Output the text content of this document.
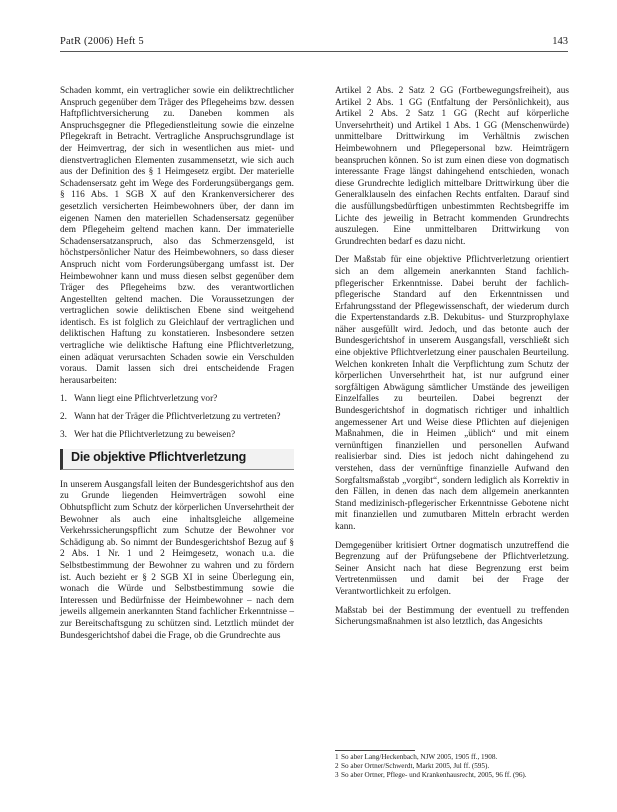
PatR (2006) Heft 5	143

Schaden kommt, ein vertraglicher sowie ein deliktrechtlicher Anspruch gegenüber dem Träger des Pflegeheims bzw. dessen Haftpflichtversicherung zu. Daneben kommen als Anspruchsgegner die Pflegedienstleitung sowie die einzelne Pflegekraft in Betracht. Vertragliche Anspruchsgrundlage ist der Heimvertrag, der sich in wesentlichen aus miet- und dienstvertraglichen Elementen zusammensetzt, wie sich auch aus der Definition des § 1 Heimgesetz ergibt. Der materielle Schadensersatz geht im Wege des Forderungsübergangs gem. § 116 Abs. 1 SGB X auf den Krankenversicherer des gesetzlich versicherten Heimbewohners über, der dann im eigenen Namen den materiellen Schadensersatz gegenüber dem Pflegeheim geltend machen kann. Der immaterielle Schadensersatzanspruch, also das Schmerzensgeld, ist höchstpersönlicher Natur des Heimbewohners, so dass dieser Anspruch nicht vom Forderungsübergang umfasst ist. Der Heimbewohner kann und muss diesen selbst gegenüber dem Träger des Pflegeheims bzw. des verantwortlichen Angestellten geltend machen. Die Voraussetzungen der vertraglichen sowie deliktischen Ebene sind weitgehend identisch. Es ist folglich zu Gleichlauf der vertraglichen und deliktischen Haftung zu konstatieren. Insbesondere setzen vertragliche wie deliktische Haftung eine Pflichtverletzung, einen adäquat verursachten Schaden sowie ein Verschulden voraus. Damit lassen sich drei entscheidende Fragen herausarbeiten:

1. Wann liegt eine Pflichtverletzung vor?
2. Wann hat der Träger die Pflichtverletzung zu vertreten?
3. Wer hat die Pflichtverletzung zu beweisen?
Die objektive Pflichtverletzung

In unserem Ausgangsfall leiten der Bundesgerichtshof aus den zu Grunde liegenden Heimverträgen sowohl eine Obhutspflicht zum Schutz der körperlichen Unversehrtheit der Bewohner als auch eine inhaltsgleiche allgemeine Verkehrssicherungspflicht zum Schutze der Bewohner vor Schädigung ab. So nimmt der Bundesgerichtshof Bezug auf § 2 Abs. 1 Nr. 1 und 2 Heimgesetz, wonach u.a. die Selbstbestimmung der Bewohner zu wahren und zu fördern ist. Auch bezieht er § 2 SGB XI in seine Überlegung ein, wonach die Würde und Selbstbestimmung sowie die Interessen und Bedürfnisse der Heimbewohner – nach dem jeweils allgemein anerkannten Stand fachlicher Erkenntnisse – zur Bereitschaftsgung zu schützen sind. Letztlich mündet der Bundesgerichtshof dabei die Frage, ob die Grundrechte aus

Artikel 2 Abs. 2 Satz 2 GG (Fortbewegungsfreiheit), aus Artikel 2 Abs. 1 GG (Entfaltung der Persönlichkeit), aus Artikel 2 Abs. 2 Satz 1 GG (Recht auf körperliche Unversehrtheit) und Artikel 1 Abs. 1 GG (Menschenwürde) unmittelbare Drittwirkung im Verhältnis zwischen Heimbewohnern und Pflegepersonal bzw. Heimträgern beanspruchen können. So ist zum einen diese von dogmatisch interessante Frage längst dahingehend entschieden, wonach diese Grundrechte lediglich mittelbare Drittwirkung über die Generalklauseln des einfachen Rechts entfalten. Darauf sind die ausfüllungsbedürftigen unbestimmten Rechtsbegriffe im Lichte des jeweilig in Betracht kommenden Grundrechts auszulegen. Eine unmittelbaren Drittwirkung von Grundrechten bedarf es dazu nicht.

Der Maßstab für eine objektive Pflichtverletzung orientiert sich an dem allgemein anerkannten Stand fachlich-pflegerischer Erkenntnisse. Dabei beruht der fachlich-pflegerische Standard auf den Erkenntnissen und Erfahrungsstand der Pflegewissenschaft, der wiederum durch die Expertenstandards z.B. Dekubitus- und Sturzprophylaxe näher ausgefüllt wird. Jedoch, und das betonte auch der Bundesgerichtshof in unserem Ausgangsfall, verschließt sich eine objektive Pflichtverletzung einer pauschalen Beurteilung. Welchen konkreten Inhalt die Verpflichtung zum Schutz der körperlichen Unversehrtheit hat, ist nur aufgrund einer sorgfältigen Abwägung sämtlicher Umstände des jeweiligen Einzelfalles zu beurteilen. Dabei begrenzt der Bundesgerichtshof in dogmatisch richtiger und inhaltlich angemessener Art und Weise diese Pflichten auf diejenigen Maßnahmen, die in Heimen „üblich“ und mit einem vernünftigen finanziellen und personellen Aufwand realisierbar sind. Dies ist jedoch nicht dahingehend zu verstehen, dass der vernünftige finanzielle Aufwand den Sorgfaltsmaßstab „vorgibt“, sondern lediglich als Korrektiv in den Fällen, in denen das nach dem allgemein anerkannten Stand medizinisch-pflegerischer Erkenntnisse Gebotene nicht mit finanziellen und zumutbaren Mitteln erbracht werden kann.

Demgegenüber kritisiert Ortner dogmatisch unzutreffend die Begrenzung auf der Prüfungsebene der Pflichtverletzung. Seiner Ansicht nach hat diese Begrenzung erst beim Vertretenmüssen und damit bei der Frage der Verantwortlichkeit zu erfolgen.

Maßstab bei der Bestimmung der eventuell zu treffenden Sicherungsmaßnahmen ist also letztlich, das Angesichts

1 So aber Lang/Heckenbach, NJW 2005, 1905 ff., 1908.
2 So aber Ortner/Schwerdt, Markt 2005, Jul ff. (595).
3 So aber Ortner, Pflege- und Krankenhausrecht, 2005, 96 ff. (96).
